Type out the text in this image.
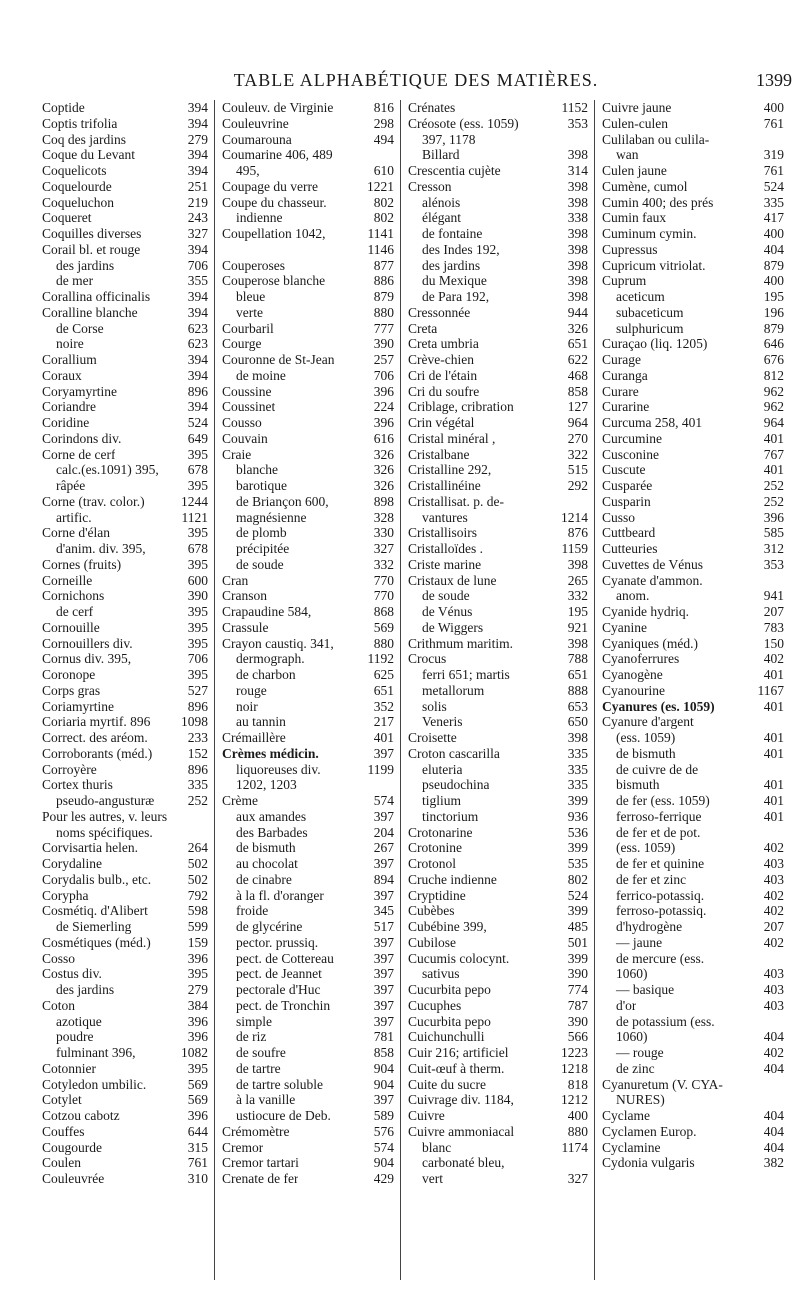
TABLE ALPHABÉTIQUE DES MATIÈRES.	1399
Coptide	394
Coptis trifolia	394
Coq des jardins	279
Coque du Levant	394
Coquelicots	394
Coquelourde	251
Coqueluchon	219
Coqueret	243
Coquilles diverses	327
Corail bl. et rouge	394
des jardins	706
de mer	355
Corallina officinalis	394
Coralline blanche	394
de Corse	623
noire	623
Corallium	394
Coraux	394
Coryamyrtine	896
Coriandre	394
Coridine	524
Corindons div.	649
Corne de cerf	395
calc.(es.1091) 395, 678
râpée	395
Corne (trav. color.)	1244
artific.	1121
Corne d'élan	395
d'anim. div. 395,	678
Cornes (fruits)	395
Corneille	600
Cornichons	390
de cerf	395
Cornouille	395
Cornouillers div.	395
Cornus div. 395,	706
Coronope	395
Corps gras	527
Coriamyrtine	896
Coriaria myrtif. 896 1098
Correct. des aréom.	233
Corroborants (méd.)	152
Corroyère	896
Cortex thuris	335
pseudo-angusturæ 252
Pour les autres, v. leurs
noms spécifiques.
Corvisartia helen.	264
Corydaline	502
Corydalis bulb., etc.	502
Corypha	792
Cosmétiq. d'Alibert	598
de Siemerling	599
Cosmétiques (méd.)	159
Cosso	396
Costus div.	395
des jardins	279
Coton	384
azotique	396
poudre	396
fulminant 396,	1082
Cotonnier	395
Cotyledon umbilic.	569
Cotylet	569
Cotzou cabotz	396
Couffes	644
Cougourde	315
Coulen	761
Couleuvrée	310
Couleuv. de Virginie	816
Couleuvrine	298
Coumarouna	494
Coumarine 406, 489
495,	610
Coupage du verre	1221
Coupe du chasseur.	802
indienne	802
Coupellation 1042,	1141
1146
Couperoses	877
Couperose blanche	886
bleue	879
verte	880
Courbaril	777
Courge	390
Couronne de St-Jean	257
de moine	706
Coussine	396
Coussinet	224
Cousso	396
Couvain	616
Craie	326
blanche	326
barotique	326
de Briançon 600,	898
magnésienne	328
de plomb	330
précipitée	327
de soude	332
Cran	770
Cranson	770
Crapaudine 584,	868
Crassule	569
Crayon caustiq. 341,	880
dermograph.	1192
de charbon	625
rouge	651
noir	352
au tannin	217
Crémaillère	401
Crèmes médicin.	397
liquoreuses div.	1199
1202, 1203
Crème	574
aux amandes	397
des Barbades	204
de bismuth	267
au chocolat	397
de cinabre	894
à la fl. d'oranger	397
froide	345
de glycérine	517
pector. prussiq.	397
pect. de Cottereau	397
pect. de Jeannet	397
pectorale d'Huc	397
pect. de Tronchin	397
simple	397
de riz	781
de soufre	858
de tartre	904
de tartre soluble	904
à la vanille	397
ustiocure de Deb.	589
Crémomètre	576
Cremor	574
Cremor tartari	904
Crenate de fer	429
Crénates	1152
Créosote (ess. 1059)	353
397, 1178
Billard	398
Crescentia cujète	314
Cresson	398
alénois	398
élégant	338
de fontaine	398
des Indes 192,	398
des jardins	398
du Mexique	398
de Para 192,	398
Cressonnée	944
Creta	326
Creta umbria	651
Crève-chien	622
Cri de l'étain	468
Cri du soufre	858
Criblage, cribration	127
Crin végétal	964
Cristal minéral ,	270
Cristalbane	322
Cristalline 292,	515
Cristallinéine	292
Cristallisat. p. de-
vantures	1214
Cristallisoirs	876
Cristalloïdes .	1159
Criste marine	398
Cristaux de lune	265
de soude	332
de Vénus	195
de Wiggers	921
Crithmum maritim.	398
Crocus	788
ferri 651; martis	651
metallorum	888
solis	653
Veneris	650
Croisette	398
Croton cascarilla	335
eluteria	335
pseudochina	335
tiglium	399
tinctorium	936
Crotonarine	536
Crotonine	399
Crotonol	535
Cruche indienne	802
Cryptidine	524
Cubèbes	399
Cubébine 399,	485
Cubilose	501
Cucumis colocynt.	399
sativus	390
Cucurbita pepo	774
Cucuphes	787
Cucurbita pepo	390
Cuichunchulli	566
Cuir 216; artificiel	1223
Cuit-œuf à therm.	1218
Cuite du sucre	818
Cuivrage div. 1184,	1212
Cuivre	400
Cuivre ammoniacal	880
blanc	1174
carbonaté bleu,
vert	327
Cuivre jaune	400
Culen-culen	761
Culilaban ou culila-
wan	319
Culen jaune	761
Cumène, cumol	524
Cumin 400; des prés	335
Cumin faux	417
Cuminum cymin.	400
Cupressus	404
Cupricum vitriolat.	879
Cuprum	400
aceticum	195
subaceticum	196
sulphuricum	879
Curaçao (liq. 1205)	646
Curage	676
Curanga	812
Curare	962
Curarine	962
Curcuma 258, 401	964
Curcumine	401
Cusconine	767
Cuscute	401
Cusparée	252
Cusparin	252
Cusso	396
Cuttbeard	585
Cutteuries	312
Cuvettes de Vénus	353
Cyanate d'ammon.
anom.	941
Cyanide hydriq.	207
Cyanine	783
Cyaniques (méd.)	150
Cyanoferrures	402
Cyanogène	401
Cyanourine	1167
Cyanures (es. 1059)	401
Cyanure d'argent
(ess. 1059)	401
de bismuth	401
de cuivre de de
bismuth	401
de fer (ess. 1059)	401
ferroso-ferrique	401
de fer et de pot.
(ess. 1059)	402
de fer et quinine	403
de fer et zinc	403
ferrico-potassiq.	402
ferroso-potassiq.	402
d'hydrogène	207
— jaune	402
de mercure (ess.
1060)	403
— basique	403
d'or	403
de potassium (ess.
1060)	404
— rouge	402
de zinc	404
Cyanuretum (V. CYA-
NURES)
Cyclame	404
Cyclamen Europ.	404
Cyclamine	404
Cydonia vulgaris	382
